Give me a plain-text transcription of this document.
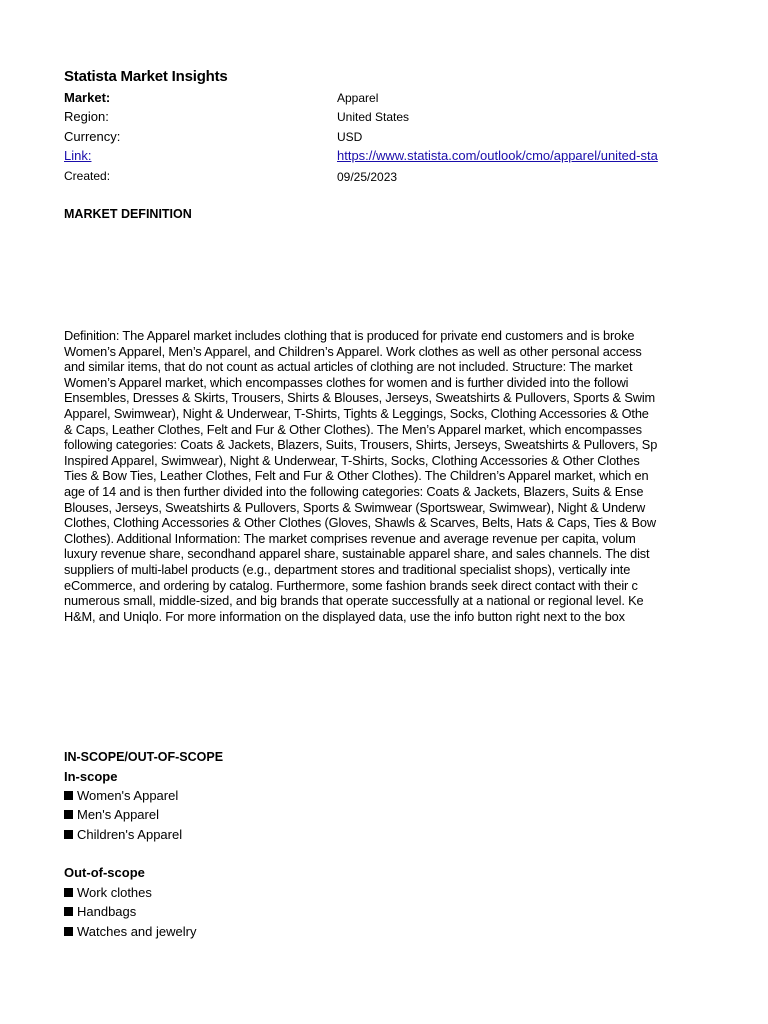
Statista Market Insights
Market:	Apparel
Region:	United States
Currency:	USD
Link:	https://www.statista.com/outlook/cmo/apparel/united-sta
Created:	09/25/2023
MARKET DEFINITION
Definition: The Apparel market includes clothing that is produced for private end customers and is broke
Women’s Apparel, Men’s Apparel, and Children’s Apparel. Work clothes as well as other personal access
and similar items, that do not count as actual articles of clothing are not included. Structure: The market
Women’s Apparel market, which encompasses clothes for women and is further divided into the followi
Ensembles, Dresses & Skirts, Trousers, Shirts & Blouses, Jerseys, Sweatshirts & Pullovers, Sports & Swim
Apparel, Swimwear), Night & Underwear, T-Shirts, Tights & Leggings, Socks, Clothing Accessories & Othe
& Caps, Leather Clothes, Felt and Fur & Other Clothes). The Men’s Apparel market, which encompasses
following categories: Coats & Jackets, Blazers, Suits, Trousers, Shirts, Jerseys, Sweatshirts & Pullovers, Sp
Inspired Apparel, Swimwear), Night & Underwear, T-Shirts, Socks, Clothing Accessories & Other Clothes
Ties & Bow Ties, Leather Clothes, Felt and Fur & Other Clothes). The Children’s Apparel market, which en
age of 14 and is then further divided into the following categories: Coats & Jackets, Blazers, Suits & Ense
Blouses, Jerseys, Sweatshirts & Pullovers, Sports & Swimwear (Sportswear, Swimwear), Night & Underw
Clothes, Clothing Accessories & Other Clothes (Gloves, Shawls & Scarves, Belts, Hats & Caps, Ties & Bow
Clothes). Additional Information: The market comprises revenue and average revenue per capita, volum
luxury revenue share, secondhand apparel share, sustainable apparel share, and sales channels. The dist
suppliers of multi-label products (e.g., department stores and traditional specialist shops), vertically inte
eCommerce, and ordering by catalog. Furthermore, some fashion brands seek direct contact with their c
numerous small, middle-sized, and big brands that operate successfully at a national or regional level. Ke
H&M, and Uniqlo. For more information on the displayed data, use the info button right next to the box
IN-SCOPE/OUT-OF-SCOPE
In-scope
Women's Apparel
Men's Apparel
Children's Apparel
Out-of-scope
Work clothes
Handbags
Watches and jewelry
